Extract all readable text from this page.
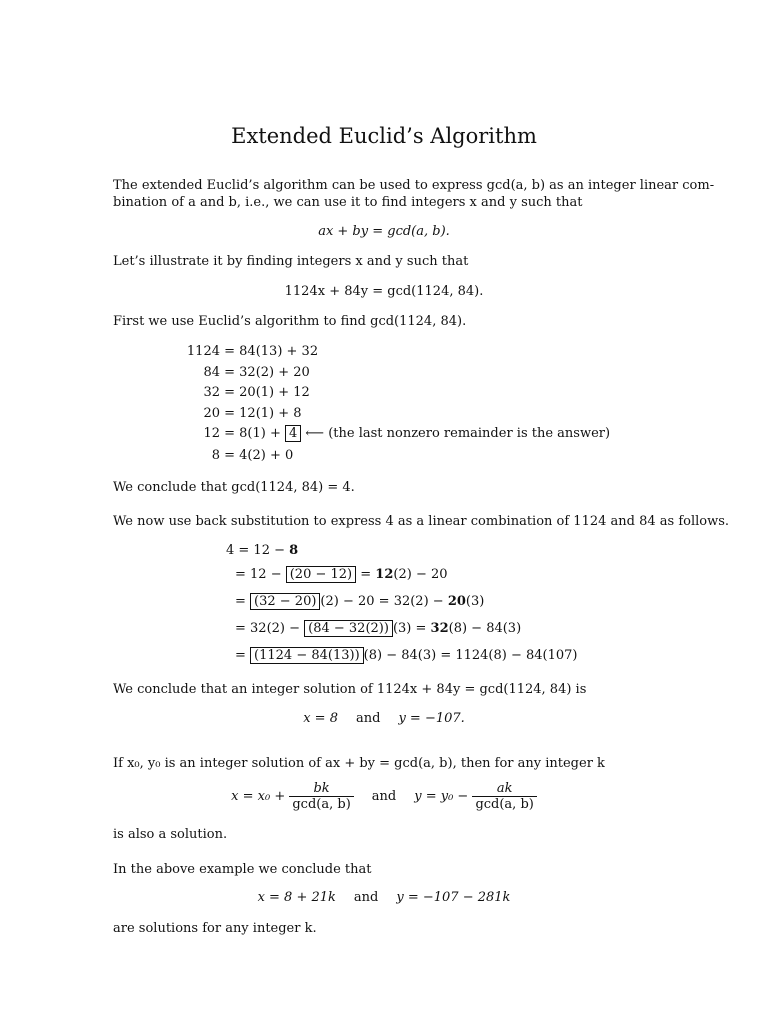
Extended Euclid’s Algorithm
The extended Euclid’s algorithm can be used to express gcd(a, b) as an integer linear com-
bination of a and b, i.e., we can use it to find integers x and y such that
ax + by = gcd(a, b).
Let’s illustrate it by finding integers x and y such that
1124x + 84y = gcd(1124, 84).
First we use Euclid’s algorithm to find gcd(1124, 84).
1124 = 84(13) + 32
84 = 32(2) + 20
32 = 20(1) + 12
20 = 12(1) + 8
12 = 8(1) + 4 ⟵ (the last nonzero remainder is the answer)
8 = 4(2) + 0
We conclude that gcd(1124, 84) = 4.
We now use back substitution to express 4 as a linear combination of 1124 and 84 as follows.
4 = 12 − 8
= 12 − (20 − 12) = 12(2) − 20
= (32 − 20) (2) − 20 = 32(2) − 20(3)
= 32(2) − (84 − 32(2)) (3) = 32(8) − 84(3)
= (1124 − 84(13)) (8) − 84(3) = 1124(8) − 84(107)
We conclude that an integer solution of 1124x + 84y = gcd(1124, 84) is
x = 8 and y = −107.
If x₀, y₀ is an integer solution of ax + by = gcd(a, b), then for any integer k
$x = x_0 + \frac{bk}{\gcd(a, b)}$ and $y = y_0 - \frac{ak}{\gcd(a, b)}$
is also a solution.
In the above example we conclude that
x = 8 + 21k and y = −107 − 281k
are solutions for any integer k.
